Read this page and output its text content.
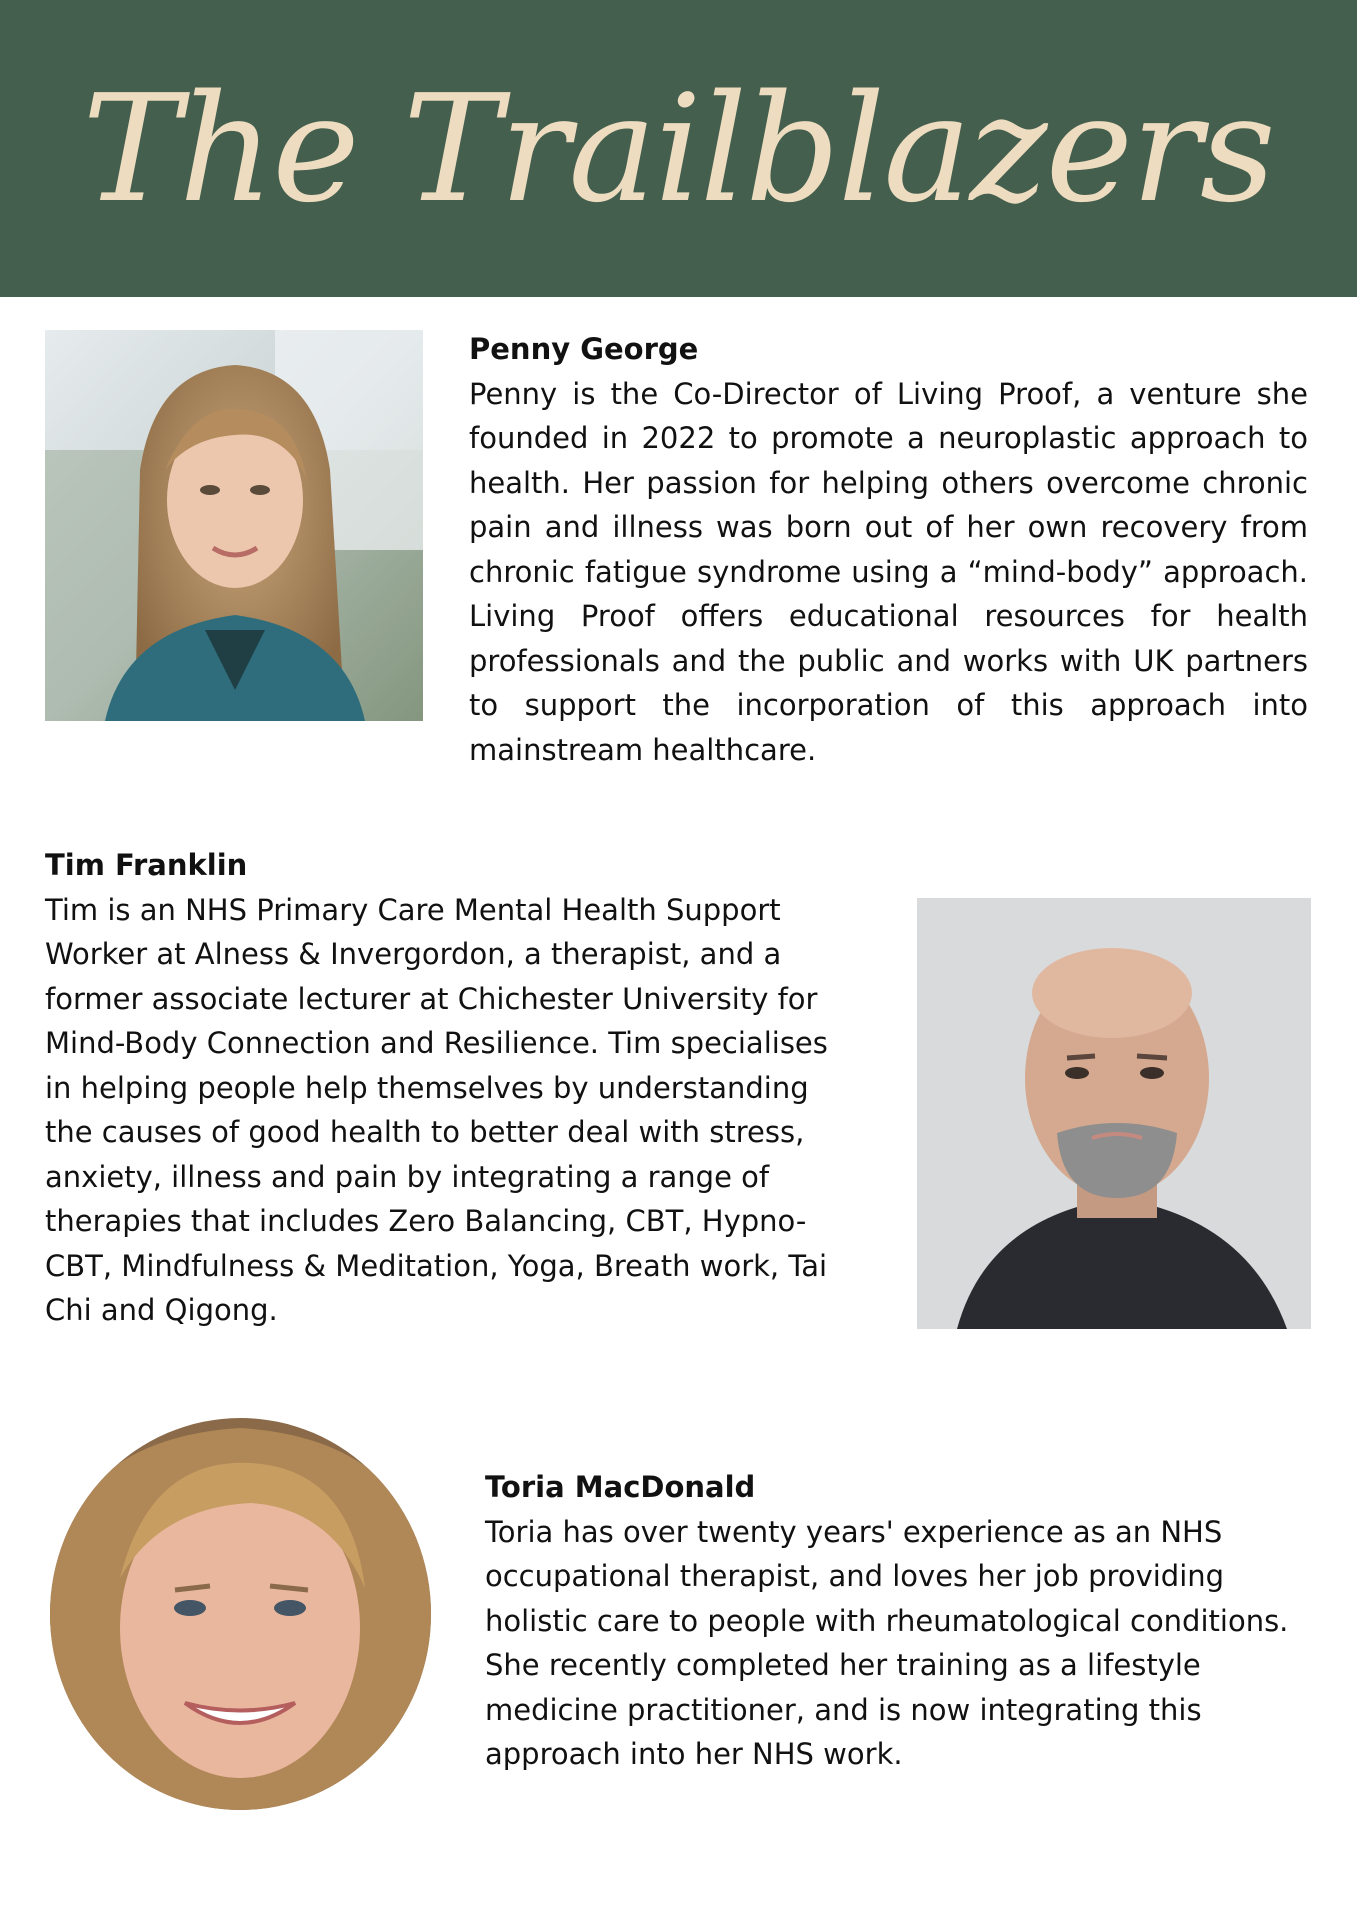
The Trailblazers
Penny George
Penny is the Co-Director of Living Proof, a venture she founded in 2022 to promote a neuroplastic approach to health. Her passion for helping others overcome chronic pain and illness was born out of her own recovery from chronic fatigue syndrome using a “mind-body” approach. Living Proof offers educational resources for health professionals and the public and works with UK partners to support the incorporation of this approach into mainstream healthcare.
Tim Franklin
Tim is an NHS Primary Care Mental Health Support Worker at Alness & Invergordon, a therapist, and a former associate lecturer at Chichester University for Mind-Body Connection and Resilience. Tim specialises in helping people help themselves by understanding the causes of good health to better deal with stress, anxiety, illness and pain by integrating a range of therapies that includes Zero Balancing, CBT, Hypno-CBT, Mindfulness & Meditation, Yoga, Breath work, Tai Chi and Qigong.
Toria MacDonald
Toria has over twenty years' experience as an NHS occupational therapist, and loves her job providing holistic care to people with rheumatological conditions. She recently completed her training as a lifestyle medicine practitioner, and is now integrating this approach into her NHS work.
